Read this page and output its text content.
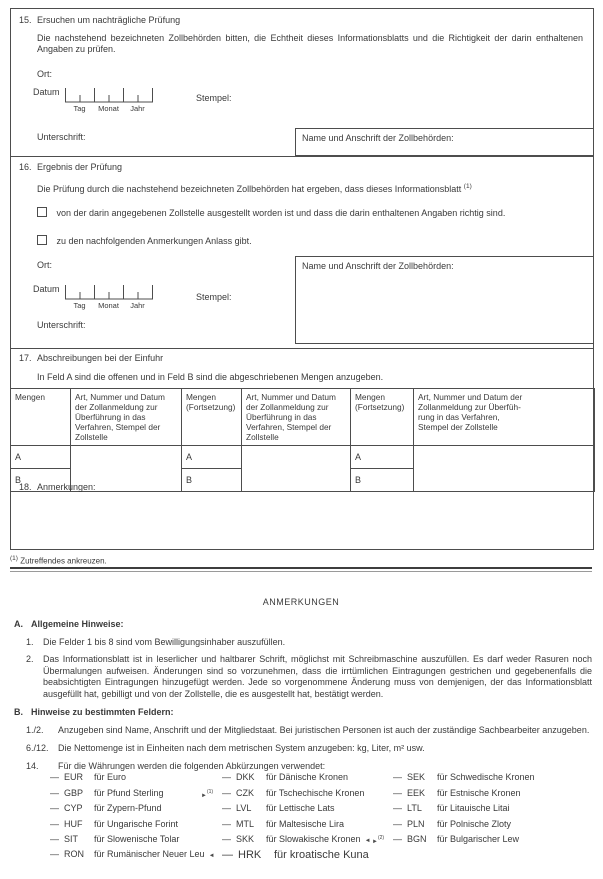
15. Ersuchen um nachträgliche Prüfung
Die nachstehend bezeichneten Zollbehörden bitten, die Echtheit dieses Informationsblatts und die Richtigkeit der darin enthaltenen Angaben zu prüfen.
Ort:
Datum
Tag	Monat	Jahr
Stempel:
Unterschrift:	Name und Anschrift der Zollbehörden:
16. Ergebnis der Prüfung
Die Prüfung durch die nachstehend bezeichneten Zollbehörden hat ergeben, dass dieses Informationsblatt $^{(1)}$
von der darin angegebenen Zollstelle ausgestellt worden ist und dass die darin enthaltenen Angaben richtig sind.
zu den nachfolgenden Anmerkungen Anlass gibt.
Ort:
Datum
Tag	Monat	Jahr
Stempel:
Unterschrift:
Name und Anschrift der Zollbehörden:
17. Abschreibungen bei der Einfuhr
In Feld A sind die offenen und in Feld B sind die abgeschriebenen Mengen anzugeben.
Mengen	Art, Nummer und Datum der Zollanmeldung zur Überführung in das Verfahren, Stempel der Zollstelle	Mengen (Fortsetzung)	Art, Nummer und Datum der Zollanmeldung zur Überführung in das Verfahren, Stempel der Zollstelle	Mengen (Fortsetzung)	Art, Nummer und Datum der Zollanmeldung zur Überführung in das Verfahren, Stempel der Zollstelle

A		A		A	
B		B		B	
18. Anmerkungen:
$^{(1)}$ Zutreffendes ankreuzen.
ANMERKUNGEN
A. Allgemeine Hinweise:
1. Die Felder 1 bis 8 sind vom Bewilligungsinhaber auszufüllen.
2. Das Informationsblatt ist in leserlicher und haltbarer Schrift, möglichst mit Schreibmaschine auszufüllen. Es darf weder Rasuren noch Übermalungen aufweisen. Änderungen sind so vorzunehmen, dass die irrtümlichen Eintragungen gestrichen und gegebenenfalls die beabsichtigten Eintragungen hinzugefügt werden. Jede so vorgenommene Änderung muss von demjenigen, der das Informationsblatt ausgefüllt hat, gebilligt und von der Zollstelle, die es ausgestellt hat, bestätigt werden.
B. Hinweise zu bestimmten Feldern:
1./2. Anzugeben sind Name, Anschrift und der Mitgliedstaat. Bei juristischen Personen ist auch der zuständige Sachbearbeiter anzugeben.
6./12. Die Nettomenge ist in Einheiten nach dem metrischen System anzugeben: kg, Liter, m² usw.
14. Für die Währungen werden die folgenden Abkürzungen verwendet:
— EUR für Euro	— DKK für Dänische Kronen	— SEK für Schwedische Kronen
— GBP für Pfund Sterling	►$^{(1)}$ — CZK für Tschechische Kronen	— EEK für Estnische Kronen
— CYP für Zypern-Pfund	— LVL für Lettische Lats	— LTL für Litauische Litai
— HUF für Ungarische Forint	— MTL für Maltesische Lira	— PLN für Polnische Zloty
— SIT für Slowenische Tolar	— SKK für Slowakische Kronen ◄ ►$^{(2)}$ — BGN für Bulgarischer Lew
— RON für Rumänischer Neuer Leu ◄ — HRK für kroatische Kuna
